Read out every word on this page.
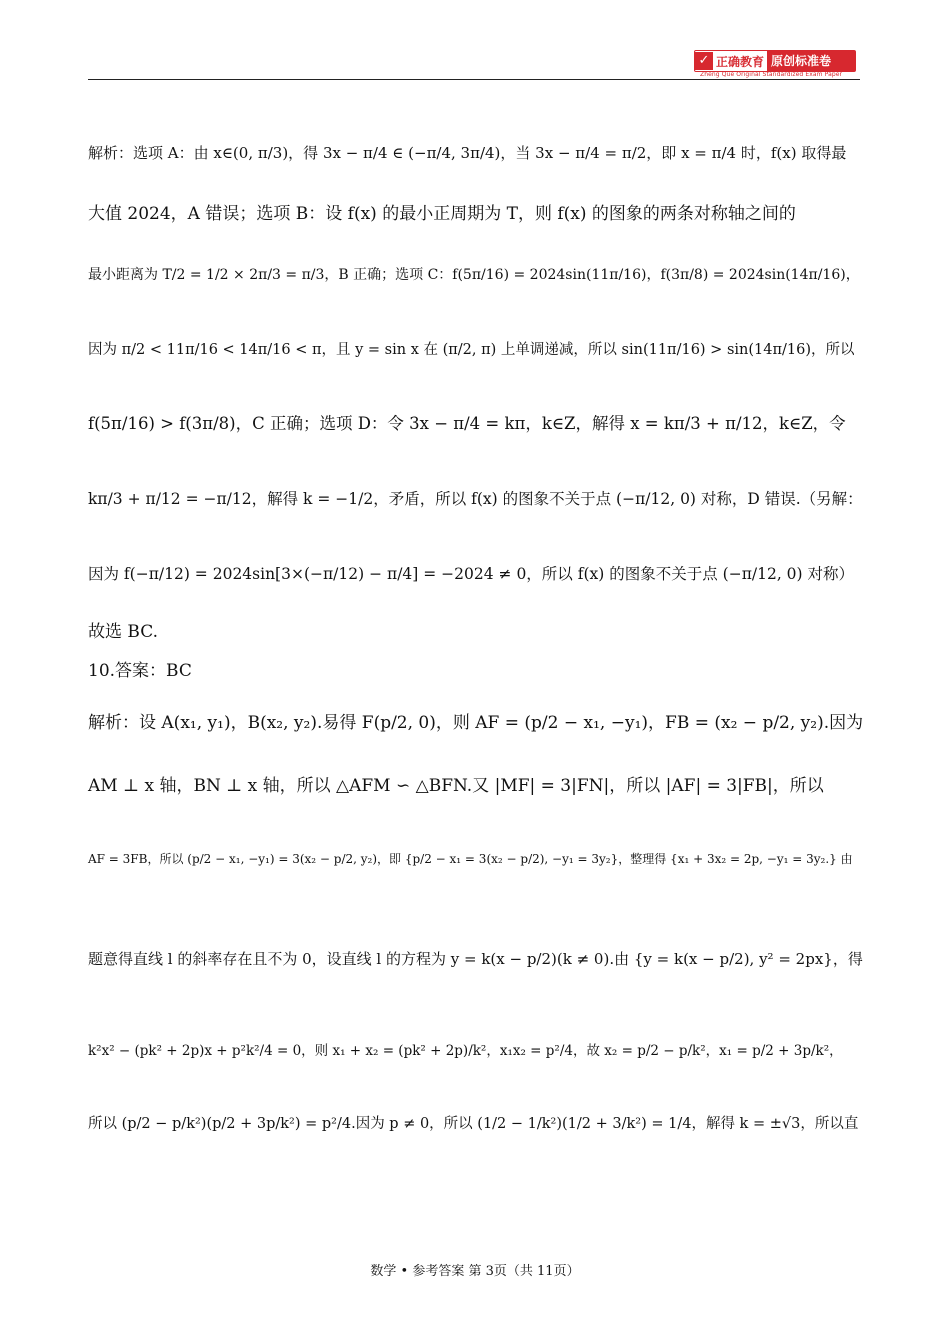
✓ 正确教育 原创标准卷
Zheng Que Original Standardized Exam Paper
解析：选项 A：由 x∈(0, π/3)，得 3x − π/4 ∈ (−π/4, 3π/4)，当 3x − π/4 = π/2，即 x = π/4 时，f(x) 取得最
大值 2024，A 错误；选项 B：设 f(x) 的最小正周期为 T，则 f(x) 的图象的两条对称轴之间的
最小距离为 T/2 = 1/2 × 2π/3 = π/3，B 正确；选项 C：f(5π/16) = 2024sin(11π/16)，f(3π/8) = 2024sin(14π/16)，
因为 π/2 < 11π/16 < 14π/16 < π，且 y = sin x 在 (π/2, π) 上单调递减，所以 sin(11π/16) > sin(14π/16)，所以
f(5π/16) > f(3π/8)，C 正确；选项 D：令 3x − π/4 = kπ，k∈Z，解得 x = kπ/3 + π/12，k∈Z，令
kπ/3 + π/12 = −π/12，解得 k = −1/2，矛盾，所以 f(x) 的图象不关于点 (−π/12, 0) 对称，D 错误.（另解：
因为 f(−π/12) = 2024sin[3×(−π/12) − π/4] = −2024 ≠ 0，所以 f(x) 的图象不关于点 (−π/12, 0) 对称）
故选 BC.
10.答案：BC
解析：设 A(x₁, y₁)，B(x₂, y₂).易得 F(p/2, 0)，则 AF = (p/2 − x₁, −y₁)，FB = (x₂ − p/2, y₂).因为
AM ⊥ x 轴，BN ⊥ x 轴，所以 △AFM ∽ △BFN.又 |MF| = 3|FN|，所以 |AF| = 3|FB|，所以
AF = 3FB，所以 (p/2 − x₁, −y₁) = 3(x₂ − p/2, y₂)，即 {p/2 − x₁ = 3(x₂ − p/2), −y₁ = 3y₂}，整理得 {x₁ + 3x₂ = 2p, −y₁ = 3y₂.} 由
题意得直线 l 的斜率存在且不为 0，设直线 l 的方程为 y = k(x − p/2)(k ≠ 0).由 {y = k(x − p/2), y² = 2px}，得
k²x² − (pk² + 2p)x + p²k²/4 = 0，则 x₁ + x₂ = (pk² + 2p)/k²，x₁x₂ = p²/4，故 x₂ = p/2 − p/k²，x₁ = p/2 + 3p/k²，
所以 (p/2 − p/k²)(p/2 + 3p/k²) = p²/4.因为 p ≠ 0，所以 (1/2 − 1/k²)(1/2 + 3/k²) = 1/4，解得 k = ±√3，所以直
数学 • 参考答案 第 3页（共 11页）
